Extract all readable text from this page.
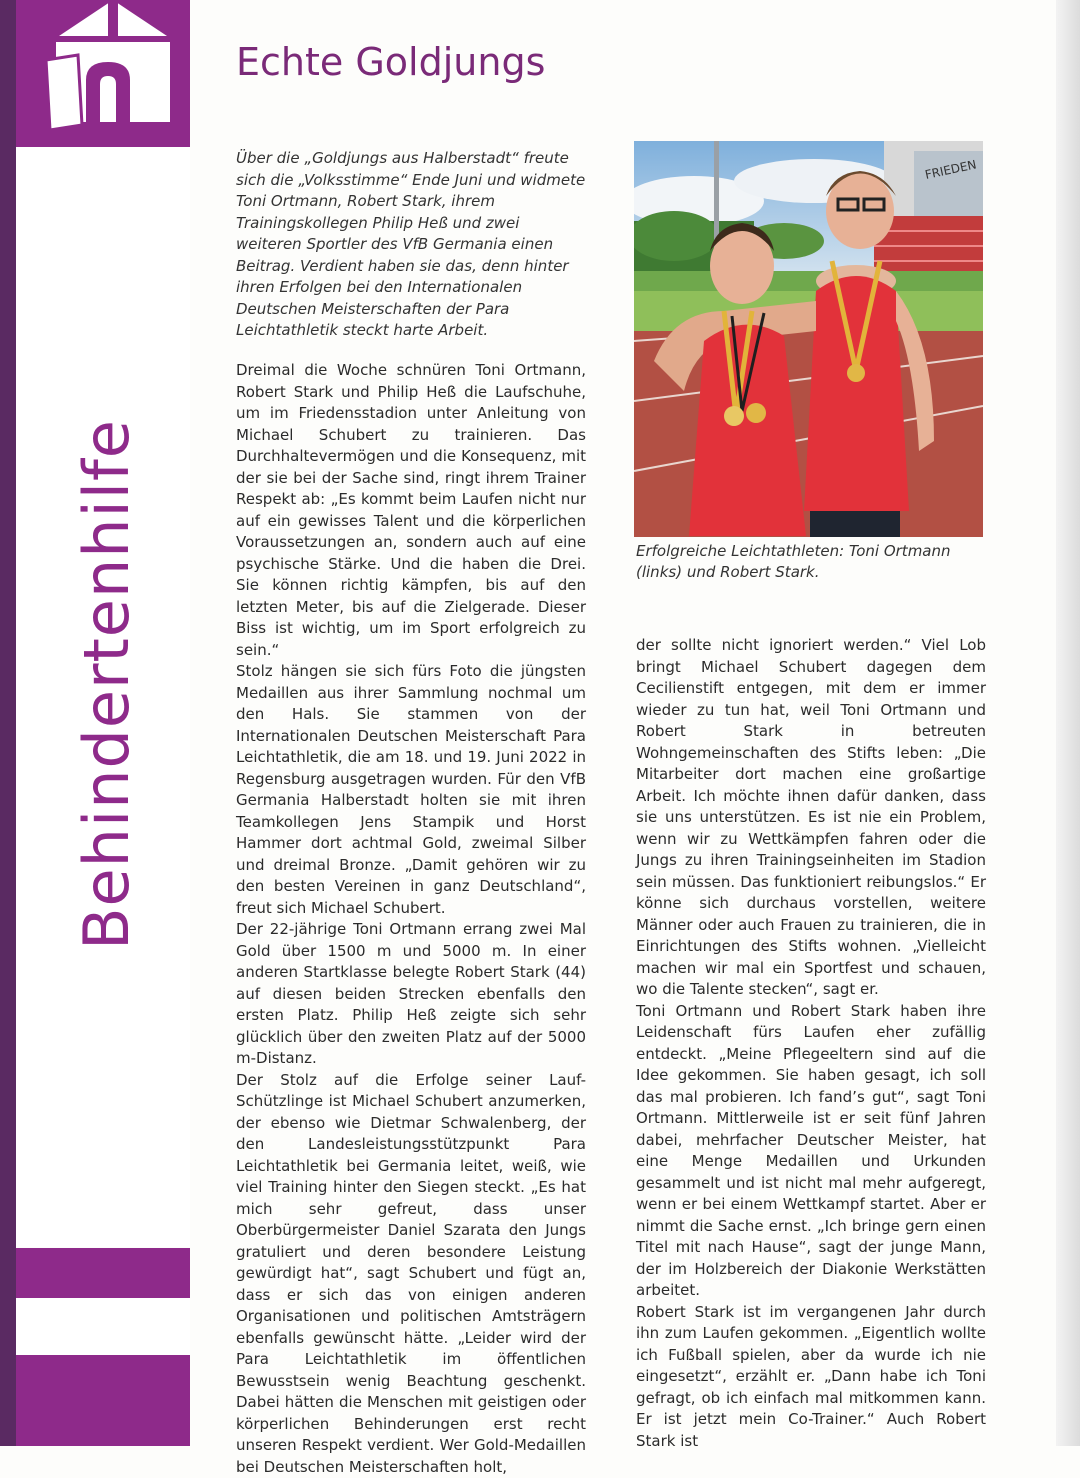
Behindertenhilfe
Echte Goldjungs
Über die „Goldjungs aus Halberstadt“ freute sich die „Volksstimme“ Ende Juni und widmete Toni Ortmann, Robert Stark, ihrem Trainingskollegen Philip Heß und zwei weiteren Sportler des VfB Germania einen Beitrag. Verdient haben sie das, denn hinter ihren Erfolgen bei den Internationalen Deutschen Meisterschaften der Para Leichtathletik steckt harte Arbeit.

Dreimal die Woche schnüren Toni Ortmann, Robert Stark und Philip Heß die Laufschuhe, um im Friedensstadion unter Anleitung von Michael Schubert zu trainieren. Das Durchhaltevermögen und die Konsequenz, mit der sie bei der Sache sind, ringt ihrem Trainer Respekt ab: „Es kommt beim Laufen nicht nur auf ein gewisses Talent und die körperlichen Voraussetzungen an, sondern auch auf eine psychische Stärke. Und die haben die Drei. Sie können richtig kämpfen, bis auf den letzten Meter, bis auf die Zielgerade. Dieser Biss ist wichtig, um im Sport erfolgreich zu sein.“

Stolz hängen sie sich fürs Foto die jüngsten Medaillen aus ihrer Sammlung nochmal um den Hals. Sie stammen von der Internationalen Deutschen Meisterschaft Para Leichtathletik, die am 18. und 19. Juni 2022 in Regensburg ausgetragen wurden. Für den VfB Germania Halberstadt holten sie mit ihren Teamkollegen Jens Stampik und Horst Hammer dort achtmal Gold, zweimal Silber und dreimal Bronze. „Damit gehören wir zu den besten Vereinen in ganz Deutschland“, freut sich Michael Schubert.

Der 22-jährige Toni Ortmann errang zwei Mal Gold über 1500 m und 5000 m. In einer anderen Startklasse belegte Robert Stark (44) auf diesen beiden Strecken ebenfalls den ersten Platz. Philip Heß zeigte sich sehr glücklich über den zweiten Platz auf der 5000 m-Distanz.

Der Stolz auf die Erfolge seiner Lauf-Schützlinge ist Michael Schubert anzumerken, der ebenso wie Dietmar Schwalenberg, der den Landesleistungsstützpunkt Para Leichtathletik bei Germania leitet, weiß, wie viel Training hinter den Siegen steckt. „Es hat mich sehr gefreut, dass unser Oberbürgermeister Daniel Szarata den Jungs gratuliert und deren besondere Leistung gewürdigt hat“, sagt Schubert und fügt an, dass er sich das von einigen anderen Organisationen und politischen Amtsträgern ebenfalls gewünscht hätte. „Leider wird der Para Leichtathletik im öffentlichen Bewusstsein wenig Beachtung geschenkt. Dabei hätten die Menschen mit geistigen oder körperlichen Behinderungen erst recht unseren Respekt verdient. Wer Gold-Medaillen bei Deutschen Meisterschaften holt,

FRIEDEN
Erfolgreiche Leichtathleten: Toni Ortmann (links) und Robert Stark.

der sollte nicht ignoriert werden.“ Viel Lob bringt Michael Schubert dagegen dem Cecilienstift entgegen, mit dem er immer wieder zu tun hat, weil Toni Ortmann und Robert Stark in betreuten Wohngemeinschaften des Stifts leben: „Die Mitarbeiter dort machen eine großartige Arbeit. Ich möchte ihnen dafür danken, dass sie uns unterstützen. Es ist nie ein Problem, wenn wir zu Wettkämpfen fahren oder die Jungs zu ihren Trainingseinheiten im Stadion sein müssen. Das funktioniert reibungslos.“ Er könne sich durchaus vorstellen, weitere Männer oder auch Frauen zu trainieren, die in Einrichtungen des Stifts wohnen. „Vielleicht machen wir mal ein Sportfest und schauen, wo die Talente stecken“, sagt er.

Toni Ortmann und Robert Stark haben ihre Leidenschaft fürs Laufen eher zufällig entdeckt. „Meine Pflegeeltern sind auf die Idee gekommen. Sie haben gesagt, ich soll das mal probieren. Ich fand’s gut“, sagt Toni Ortmann. Mittlerweile ist er seit fünf Jahren dabei, mehrfacher Deutscher Meister, hat eine Menge Medaillen und Urkunden gesammelt und ist nicht mal mehr aufgeregt, wenn er bei einem Wettkampf startet. Aber er nimmt die Sache ernst. „Ich bringe gern einen Titel mit nach Hause“, sagt der junge Mann, der im Holzbereich der Diakonie Werkstätten arbeitet.

Robert Stark ist im vergangenen Jahr durch ihn zum Laufen gekommen. „Eigentlich wollte ich Fußball spielen, aber da wurde ich nie eingesetzt“, erzählt er. „Dann habe ich Toni gefragt, ob ich einfach mal mitkommen kann. Er ist jetzt mein Co-Trainer.“ Auch Robert Stark ist
